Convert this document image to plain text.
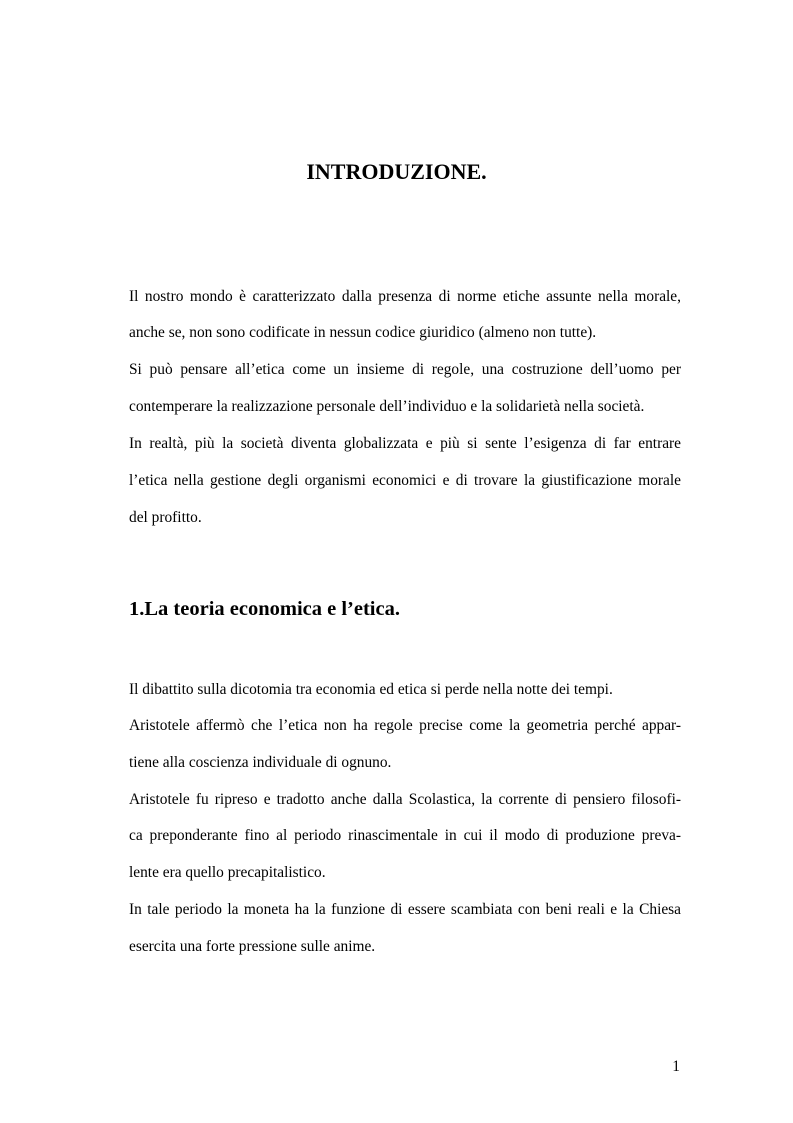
INTRODUZIONE.

Il nostro mondo è caratterizzato dalla presenza di norme etiche assunte nella morale,

anche se, non sono codificate in nessun codice giuridico (almeno non tutte).

Si può pensare all’etica come un insieme di regole, una costruzione dell’uomo per

contemperare la realizzazione personale dell’individuo e la solidarietà nella società.

In realtà, più la società diventa globalizzata e più si sente l’esigenza di far entrare

l’etica nella gestione degli organismi economici e di trovare la giustificazione morale

del profitto.

1.La teoria economica e l’etica.

Il dibattito sulla dicotomia tra economia ed etica si perde nella notte dei tempi.

Aristotele affermò che l’etica non ha regole precise come la geometria perché appar-

tiene alla coscienza individuale di ognuno.

Aristotele fu ripreso e tradotto anche dalla Scolastica, la corrente di pensiero filosofi-

ca preponderante fino al periodo rinascimentale in cui il modo di produzione preva-

lente era quello precapitalistico.

In tale periodo la moneta ha la funzione di essere scambiata con beni reali e la Chiesa

esercita una forte pressione sulle anime.

1
